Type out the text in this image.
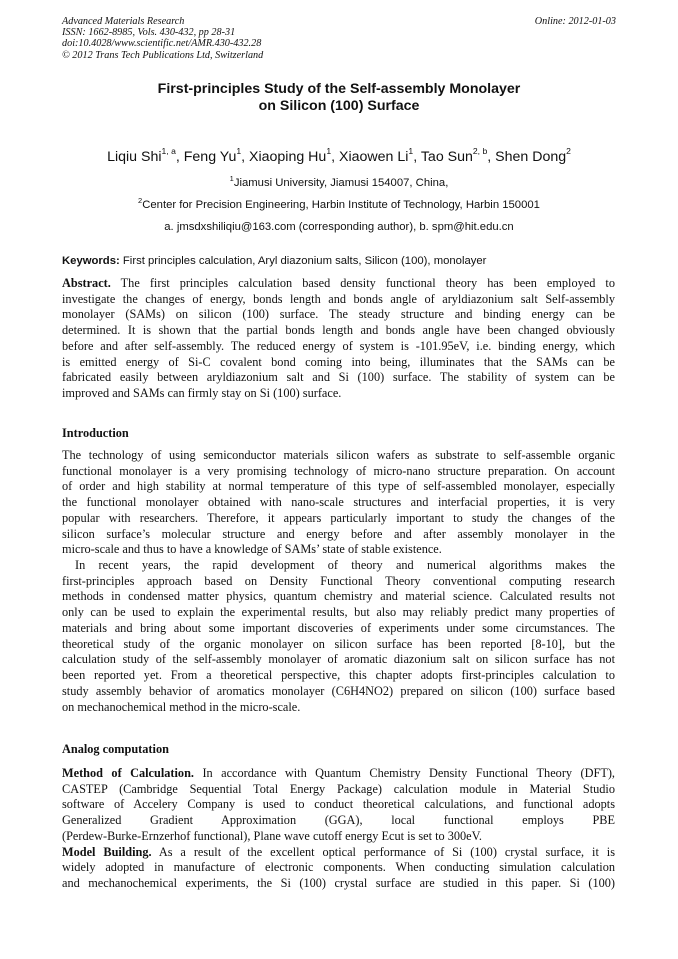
Advanced Materials Research
ISSN: 1662-8985, Vols. 430-432, pp 28-31
doi:10.4028/www.scientific.net/AMR.430-432.28
© 2012 Trans Tech Publications Ltd, Switzerland
Online: 2012-01-03
First-principles Study of the Self-assembly Monolayer
on Silicon (100) Surface
Liqiu Shi$^{1, a}$, Feng Yu$^1$, Xiaoping Hu$^1$, Xiaowen Li$^1$, Tao Sun$^{2, b}$, Shen Dong$^2$
$^1$Jiamusi University, Jiamusi 154007, China,
$^2$Center for Precision Engineering, Harbin Institute of Technology, Harbin 150001
a. jmsdxshiliqiu@163.com (corresponding author), b. spm@hit.edu.cn
Keywords: First principles calculation, Aryl diazonium salts, Silicon (100), monolayer
Abstract. The first principles calculation based density functional theory has been employed to
investigate the changes of energy, bonds length and bonds angle of aryldiazonium salt Self-assembly
monolayer (SAMs) on silicon (100) surface. The steady structure and binding energy can be
determined. It is shown that the partial bonds length and bonds angle have been changed obviously
before and after self-assembly. The reduced energy of system is -101.95eV, i.e. binding energy, which
is emitted energy of Si-C covalent bond coming into being, illuminates that the SAMs can be
fabricated easily between aryldiazonium salt and Si (100) surface. The stability of system can be
improved and SAMs can firmly stay on Si (100) surface.
Introduction
The technology of using semiconductor materials silicon wafers as substrate to self-assemble organic
functional monolayer is a very promising technology of micro-nano structure preparation. On account
of order and high stability at normal temperature of this type of self-assembled monolayer, especially
the functional monolayer obtained with nano-scale structures and interfacial properties, it is very
popular with researchers. Therefore, it appears particularly important to study the changes of the
silicon surface’s molecular structure and energy before and after assembly monolayer in the
micro-scale and thus to have a knowledge of SAMs’ state of stable existence.
In recent years, the rapid development of theory and numerical algorithms makes the
first-principles approach based on Density Functional Theory conventional computing research
methods in condensed matter physics, quantum chemistry and material science. Calculated results not
only can be used to explain the experimental results, but also may reliably predict many properties of
materials and bring about some important discoveries of experiments under some circumstances. The
theoretical study of the organic monolayer on silicon surface has been reported [8-10], but the
calculation study of the self-assembly monolayer of aromatic diazonium salt on silicon surface has not
been reported yet. From a theoretical perspective, this chapter adopts first-principles calculation to
study assembly behavior of aromatics monolayer (C6H4NO2) prepared on silicon (100) surface based
on mechanochemical method in the micro-scale.
Analog computation
Method of Calculation. In accordance with Quantum Chemistry Density Functional Theory (DFT),
CASTEP (Cambridge Sequential Total Energy Package) calculation module in Material Studio
software of Accelery Company is used to conduct theoretical calculations, and functional adopts
Generalized Gradient Approximation (GGA), local functional employs PBE
(Perdew-Burke-Ernzerhof functional), Plane wave cutoff energy Ecut is set to 300eV.
Model Building. As a result of the excellent optical performance of Si (100) crystal surface, it is
widely adopted in manufacture of electronic components. When conducting simulation calculation
and mechanochemical experiments, the Si (100) crystal surface are studied in this paper. Si (100)
